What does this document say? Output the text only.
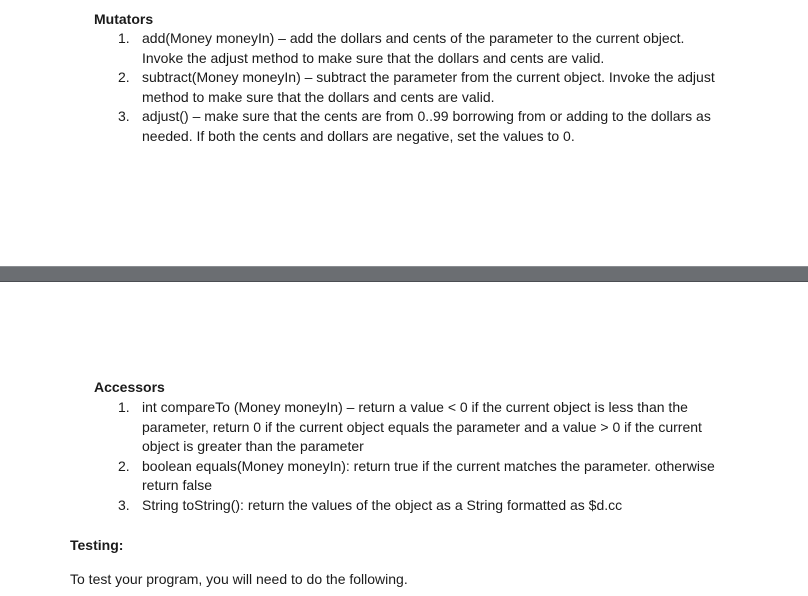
Mutators
1. add(Money moneyIn) – add the dollars and cents of the parameter to the current object. Invoke the adjust method to make sure that the dollars and cents are valid.
2. subtract(Money moneyIn) – subtract the parameter from the current object. Invoke the adjust method to make sure that the dollars and cents are valid.
3. adjust() – make sure that the cents are from 0..99 borrowing from or adding to the dollars as needed. If both the cents and dollars are negative, set the values to 0.
Accessors
1. int compareTo (Money moneyIn) – return a value < 0 if the current object is less than the parameter, return 0 if the current object equals the parameter and a value > 0 if the current object is greater than the parameter
2. boolean equals(Money moneyIn): return true if the current matches the parameter. otherwise return false
3. String toString(): return the values of the object as a String formatted as $d.cc
Testing:

To test your program, you will need to do the following.
